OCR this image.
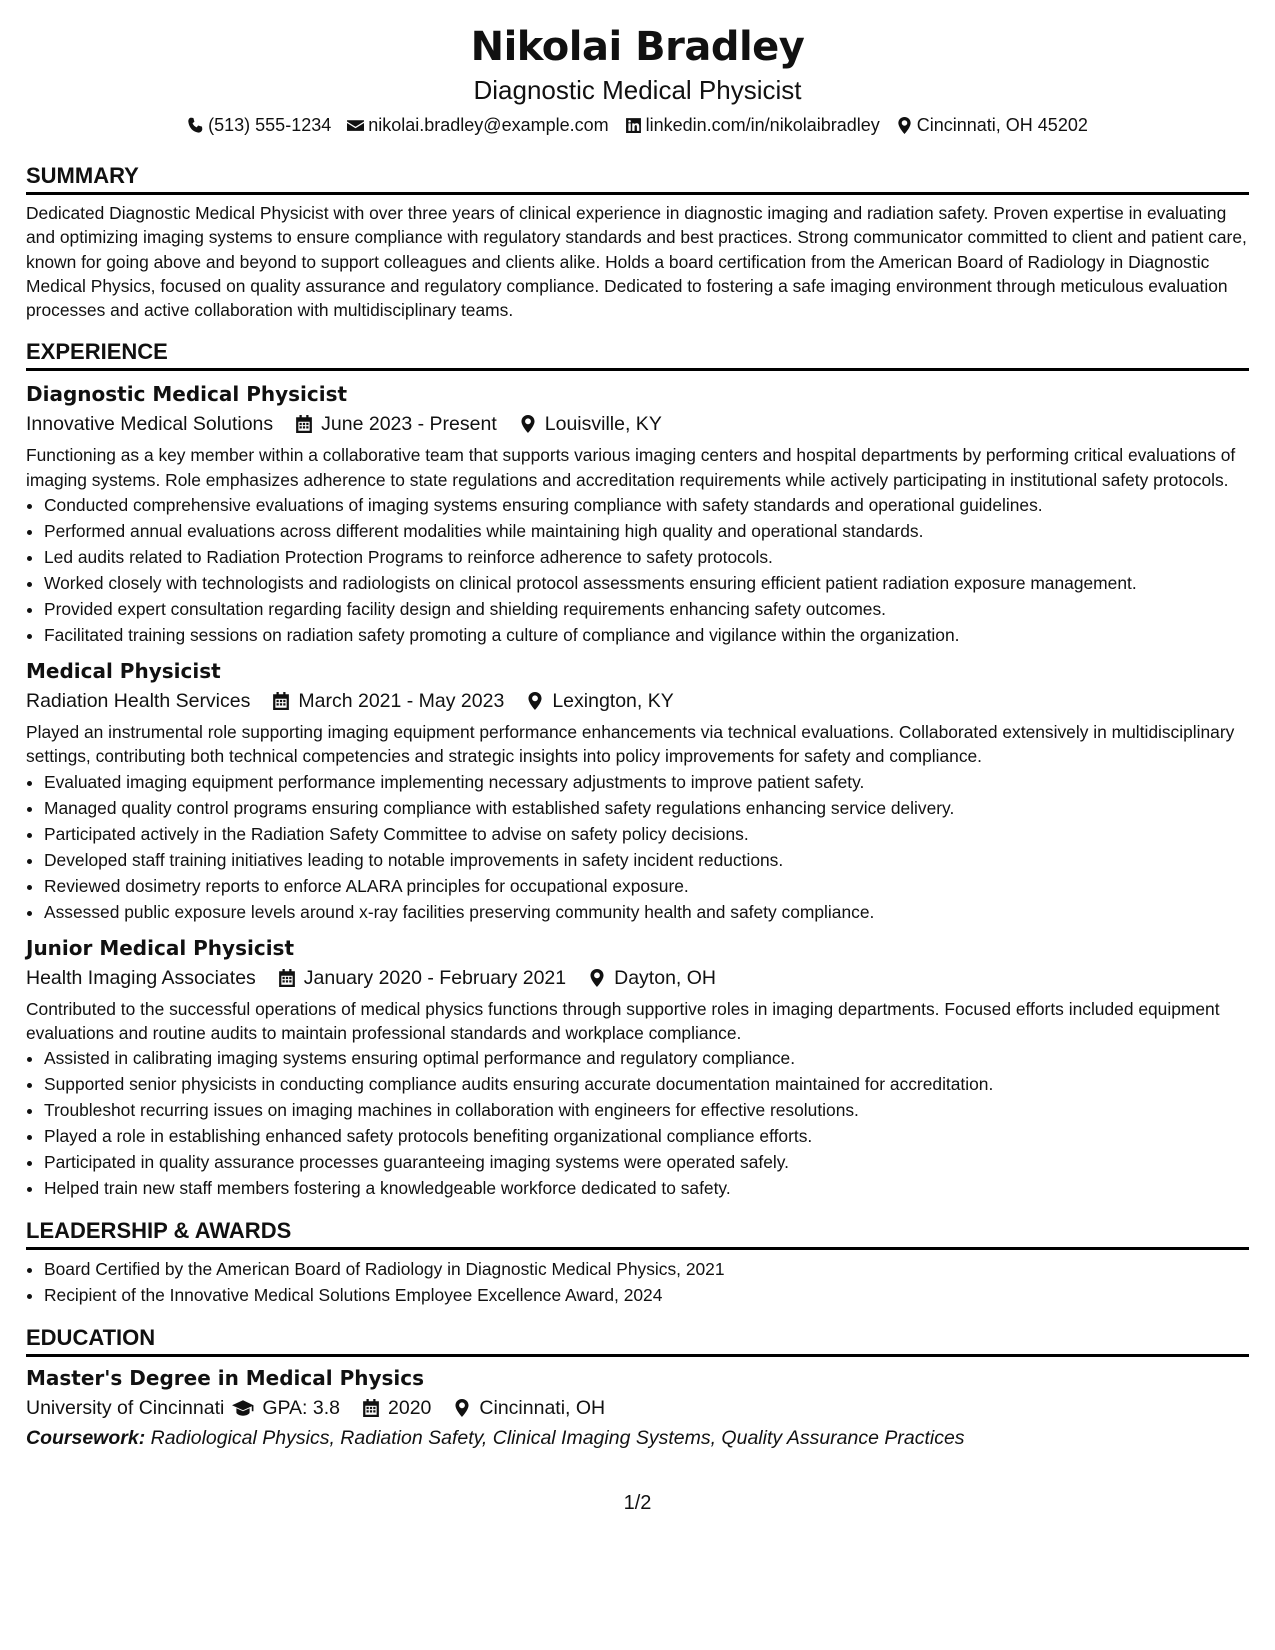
Nikolai Bradley
Diagnostic Medical Physicist
(513) 555-1234 nikolai.bradley@example.com linkedin.com/in/nikolaibradley Cincinnati, OH 45202
SUMMARY
Dedicated Diagnostic Medical Physicist with over three years of clinical experience in diagnostic imaging and radiation safety. Proven expertise in evaluating and optimizing imaging systems to ensure compliance with regulatory standards and best practices. Strong communicator committed to client and patient care, known for going above and beyond to support colleagues and clients alike. Holds a board certification from the American Board of Radiology in Diagnostic Medical Physics, focused on quality assurance and regulatory compliance. Dedicated to fostering a safe imaging environment through meticulous evaluation processes and active collaboration with multidisciplinary teams.
EXPERIENCE
Diagnostic Medical Physicist
Innovative Medical Solutions June 2023 - Present Louisville, KY
Functioning as a key member within a collaborative team that supports various imaging centers and hospital departments by performing critical evaluations of imaging systems. Role emphasizes adherence to state regulations and accreditation requirements while actively participating in institutional safety protocols.
• Conducted comprehensive evaluations of imaging systems ensuring compliance with safety standards and operational guidelines.
• Performed annual evaluations across different modalities while maintaining high quality and operational standards.
• Led audits related to Radiation Protection Programs to reinforce adherence to safety protocols.
• Worked closely with technologists and radiologists on clinical protocol assessments ensuring efficient patient radiation exposure management.
• Provided expert consultation regarding facility design and shielding requirements enhancing safety outcomes.
• Facilitated training sessions on radiation safety promoting a culture of compliance and vigilance within the organization.
Medical Physicist
Radiation Health Services March 2021 - May 2023 Lexington, KY
Played an instrumental role supporting imaging equipment performance enhancements via technical evaluations. Collaborated extensively in multidisciplinary settings, contributing both technical competencies and strategic insights into policy improvements for safety and compliance.
• Evaluated imaging equipment performance implementing necessary adjustments to improve patient safety.
• Managed quality control programs ensuring compliance with established safety regulations enhancing service delivery.
• Participated actively in the Radiation Safety Committee to advise on safety policy decisions.
• Developed staff training initiatives leading to notable improvements in safety incident reductions.
• Reviewed dosimetry reports to enforce ALARA principles for occupational exposure.
• Assessed public exposure levels around x-ray facilities preserving community health and safety compliance.
Junior Medical Physicist
Health Imaging Associates January 2020 - February 2021 Dayton, OH
Contributed to the successful operations of medical physics functions through supportive roles in imaging departments. Focused efforts included equipment evaluations and routine audits to maintain professional standards and workplace compliance.
• Assisted in calibrating imaging systems ensuring optimal performance and regulatory compliance.
• Supported senior physicists in conducting compliance audits ensuring accurate documentation maintained for accreditation.
• Troubleshot recurring issues on imaging machines in collaboration with engineers for effective resolutions.
• Played a role in establishing enhanced safety protocols benefiting organizational compliance efforts.
• Participated in quality assurance processes guaranteeing imaging systems were operated safely.
• Helped train new staff members fostering a knowledgeable workforce dedicated to safety.
LEADERSHIP & AWARDS
• Board Certified by the American Board of Radiology in Diagnostic Medical Physics, 2021
• Recipient of the Innovative Medical Solutions Employee Excellence Award, 2024
EDUCATION
Master's Degree in Medical Physics
University of Cincinnati GPA: 3.8 2020 Cincinnati, OH
Coursework: Radiological Physics, Radiation Safety, Clinical Imaging Systems, Quality Assurance Practices
1/2
